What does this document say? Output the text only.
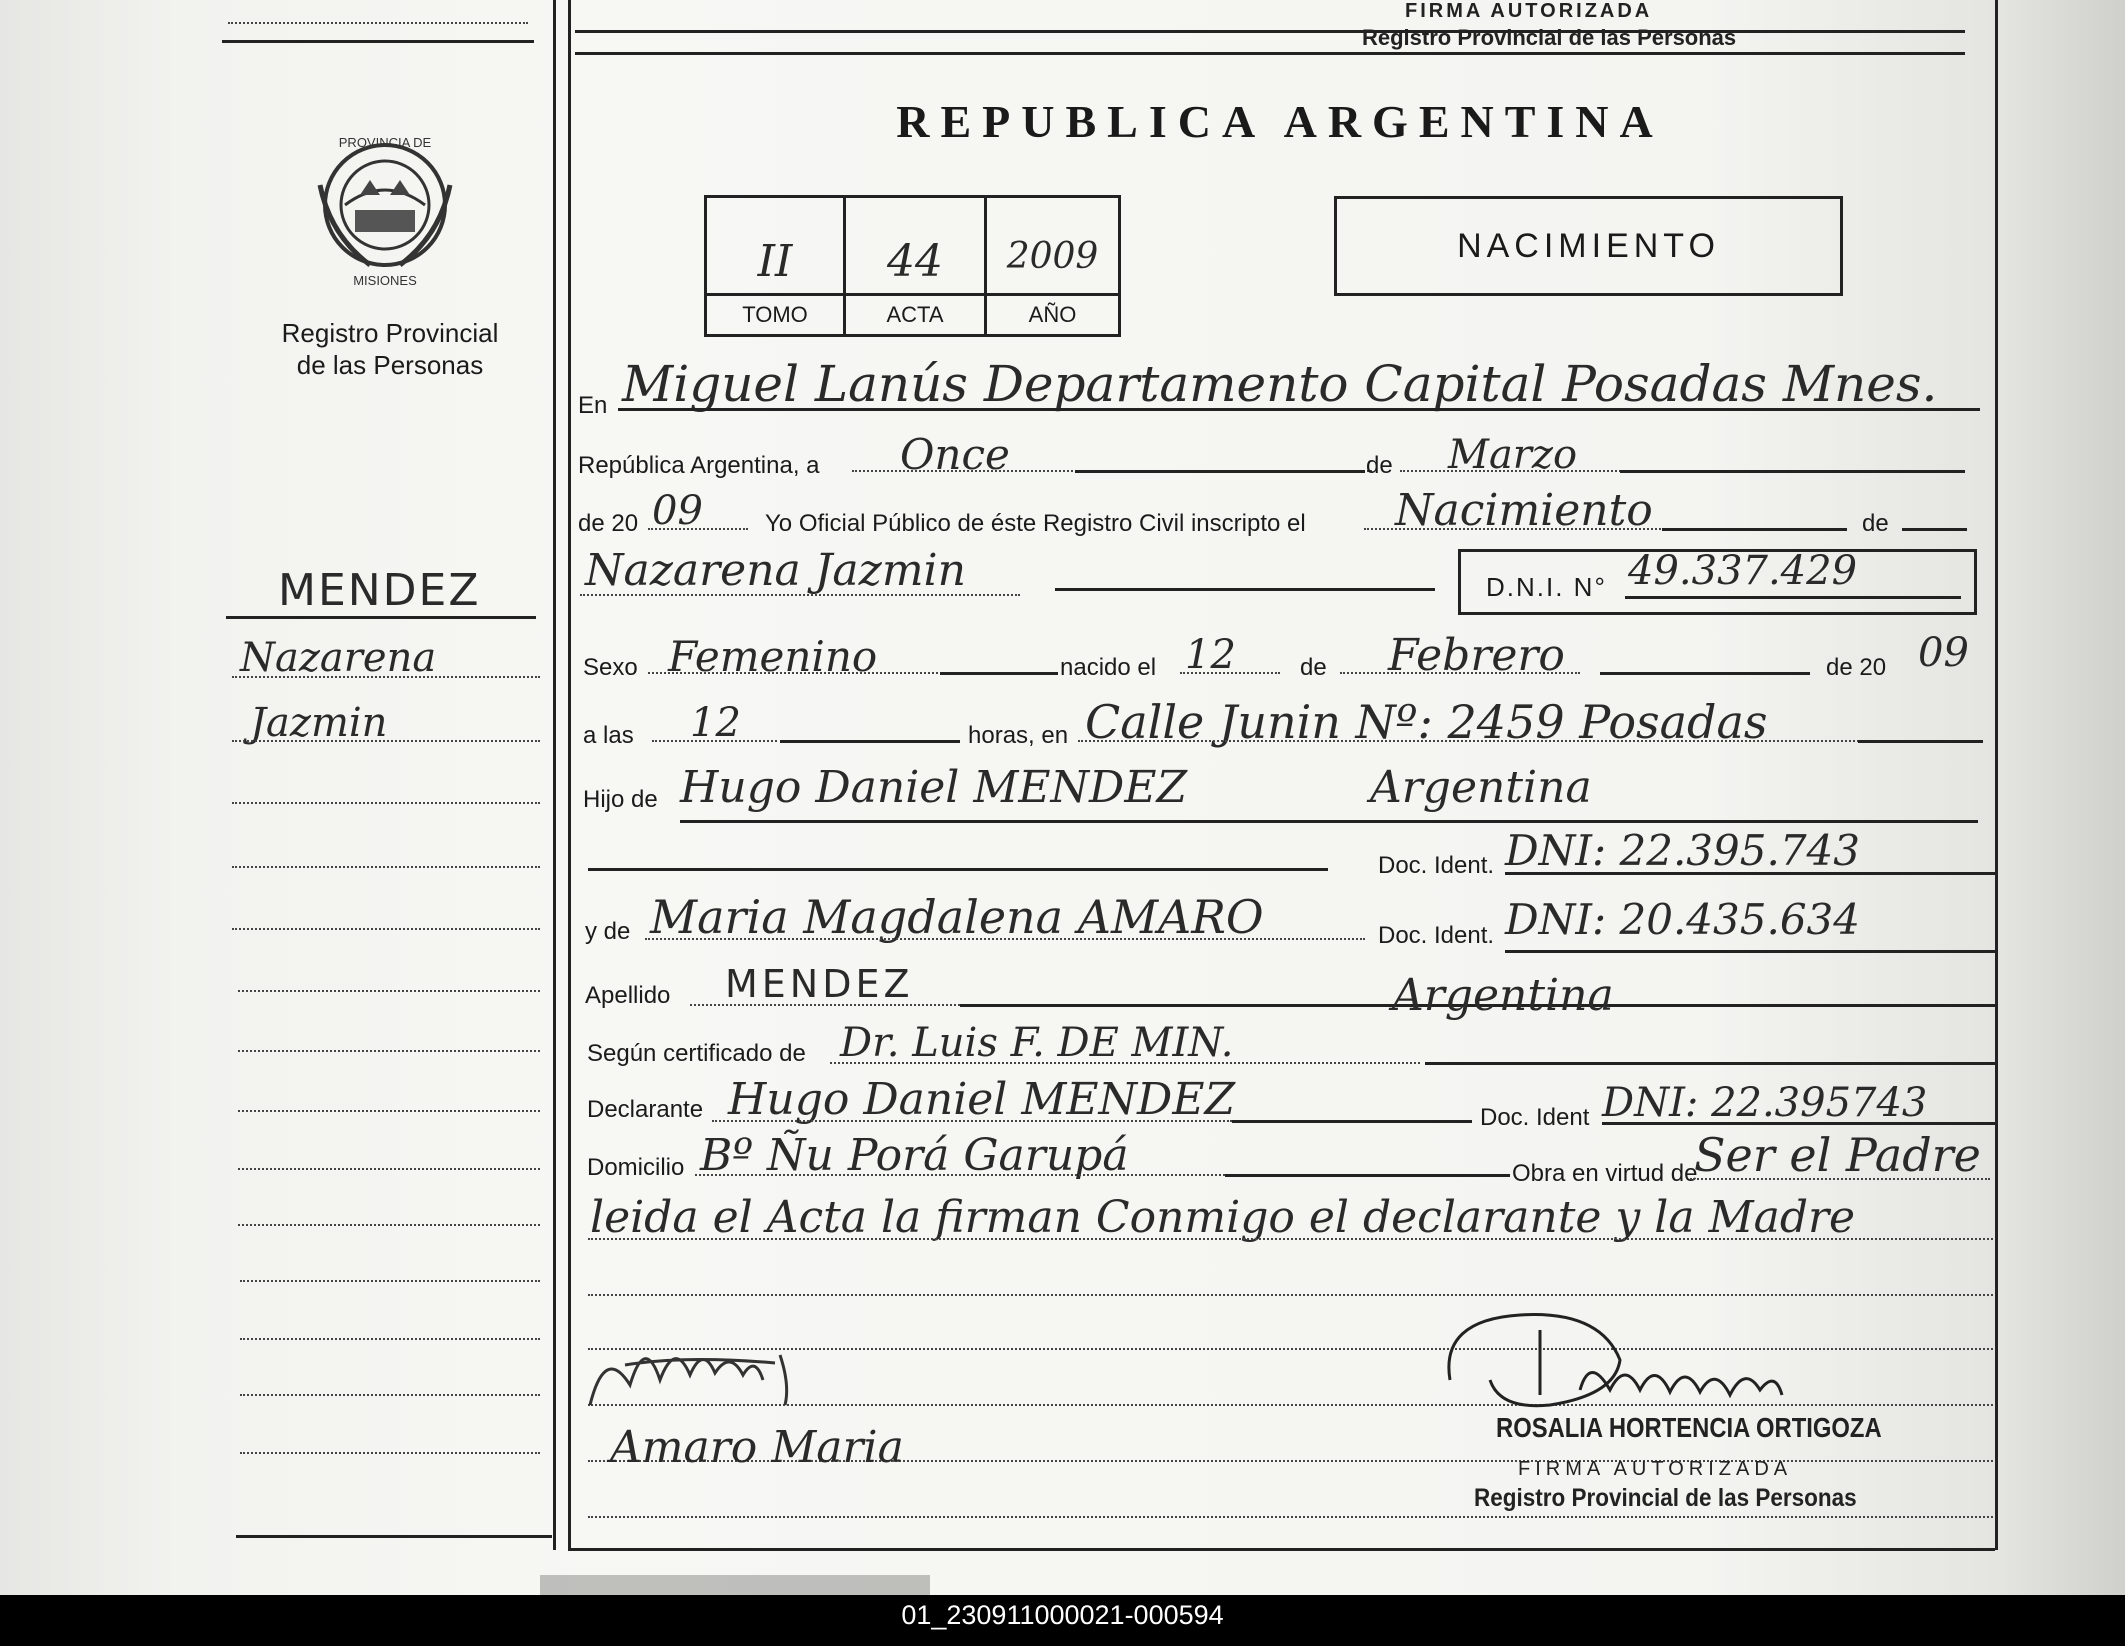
FIRMA AUTORIZADA
Registro Provincial de las Personas
PROVINCIA DE
MISIONES
Registro Provincial
de las Personas
MENDEZ
Nazarena
Jazmin
REPUBLICA ARGENTINA
II
TOMO
44
ACTA
2009
AÑO
NACIMIENTO
En Miguel Lanús Departamento Capital Posadas Mnes.
República Argentina, a Once	de Marzo
de 20 09	Yo Oficial Público de éste Registro Civil inscripto el Nacimiento	de
Nazarena Jazmin	D.N.I. N° 49.337.429
Sexo Femenino	nacido el 12	de Febrero	de 20 09
a las 12	horas, en Calle Junin Nº: 2459 Posadas
Hijo de Hugo Daniel MENDEZ	Argentina
Doc. Ident. DNI: 22.395.743
y de Maria Magdalena AMARO	Doc. Ident. DNI: 20.435.634
Apellido MENDEZ	Argentina
Según certificado de Dr. Luis F. DE MIN.
Declarante Hugo Daniel MENDEZ	Doc. Ident DNI: 22.395743
Domicilio Bº Ñu Porá Garupá	Obra en virtud de
Ser el Padre
leida el Acta la firman Conmigo el declarante y la Madre
Amaro Maria	ROSALIA HORTENCIA ORTIGOZA
FIRMA AUTORIZADA
Registro Provincial de las Personas
01_230911000021-000594
